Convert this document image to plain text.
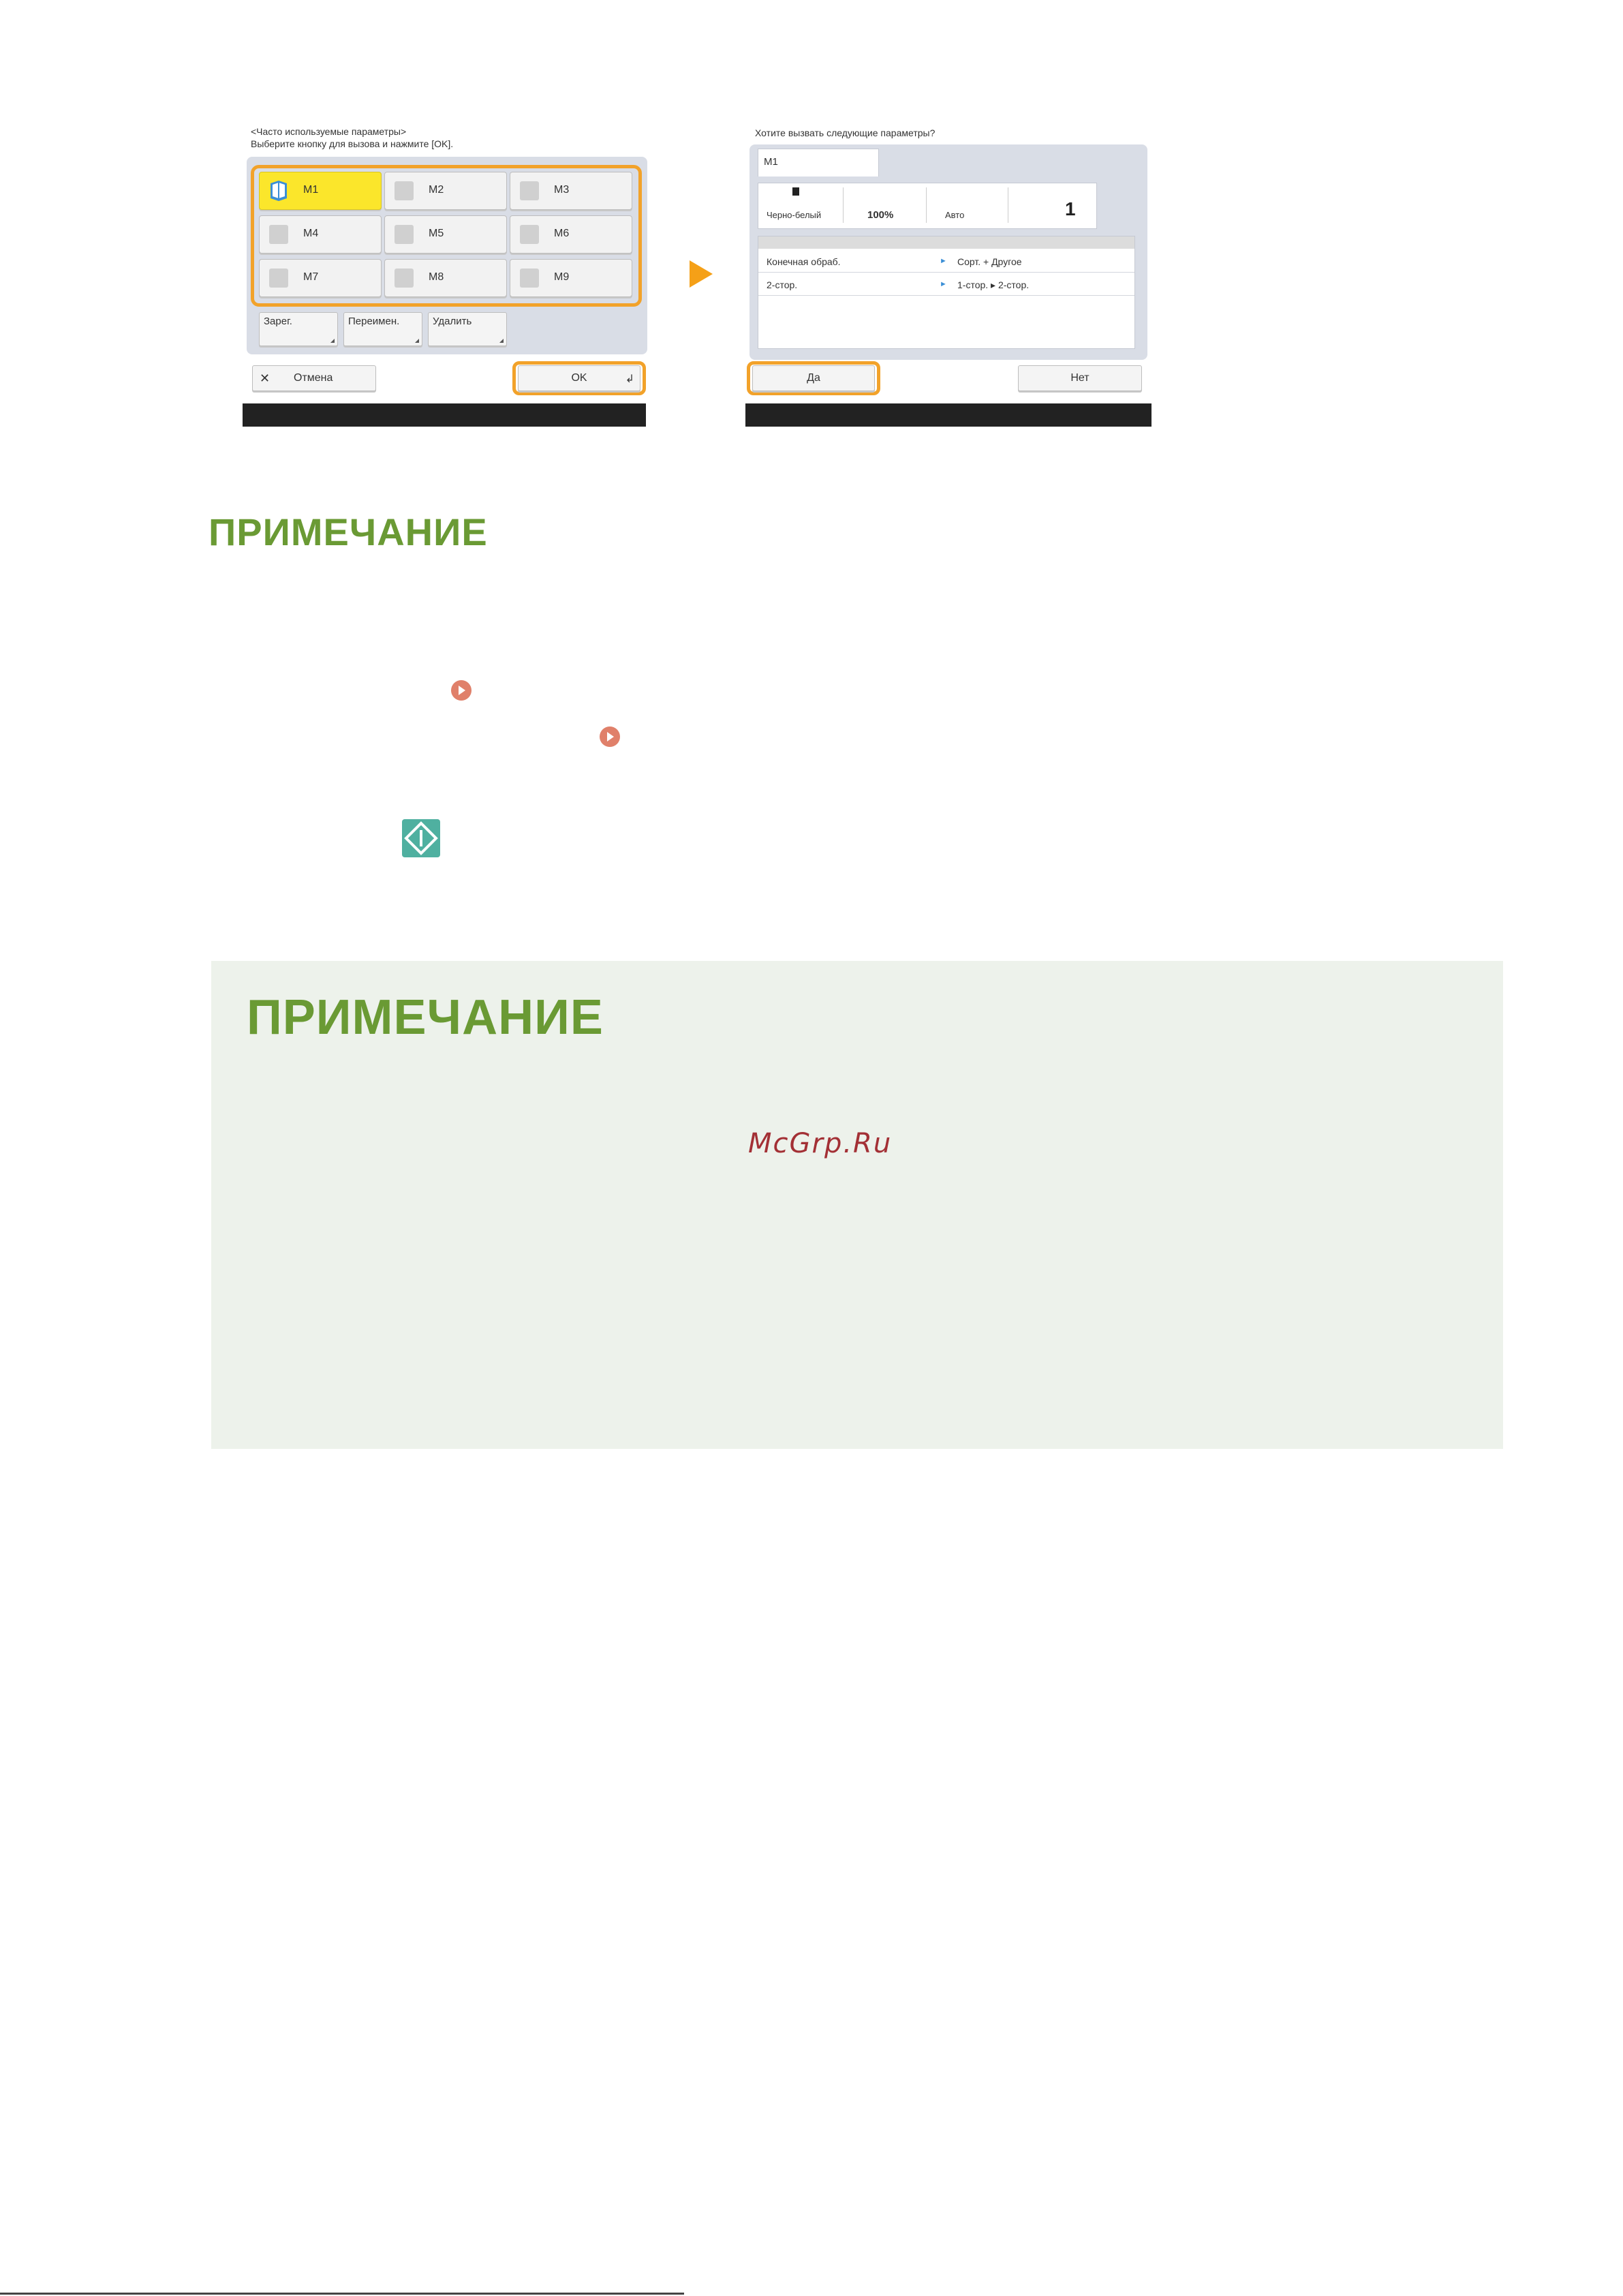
<Часто используемые параметры>
Выберите кнопку для вызова и нажмите [OK].
M1	M2	M3
M4	M5	M6
M7	M8	M9
Зарег.	Переимен.	Удалить
✕ Отмена	OK	↲
Хотите вызвать следующие параметры?
M1
Черно-белый	100%	Авто	1
Конечная обраб.	► Сорт. + Другое
2-стор.	► 1-стор. ▸ 2-стор.
Да	Нет
ПРИМЕЧАНИЕ
ПРИМЕЧАНИЕ
McGrp.Ru
